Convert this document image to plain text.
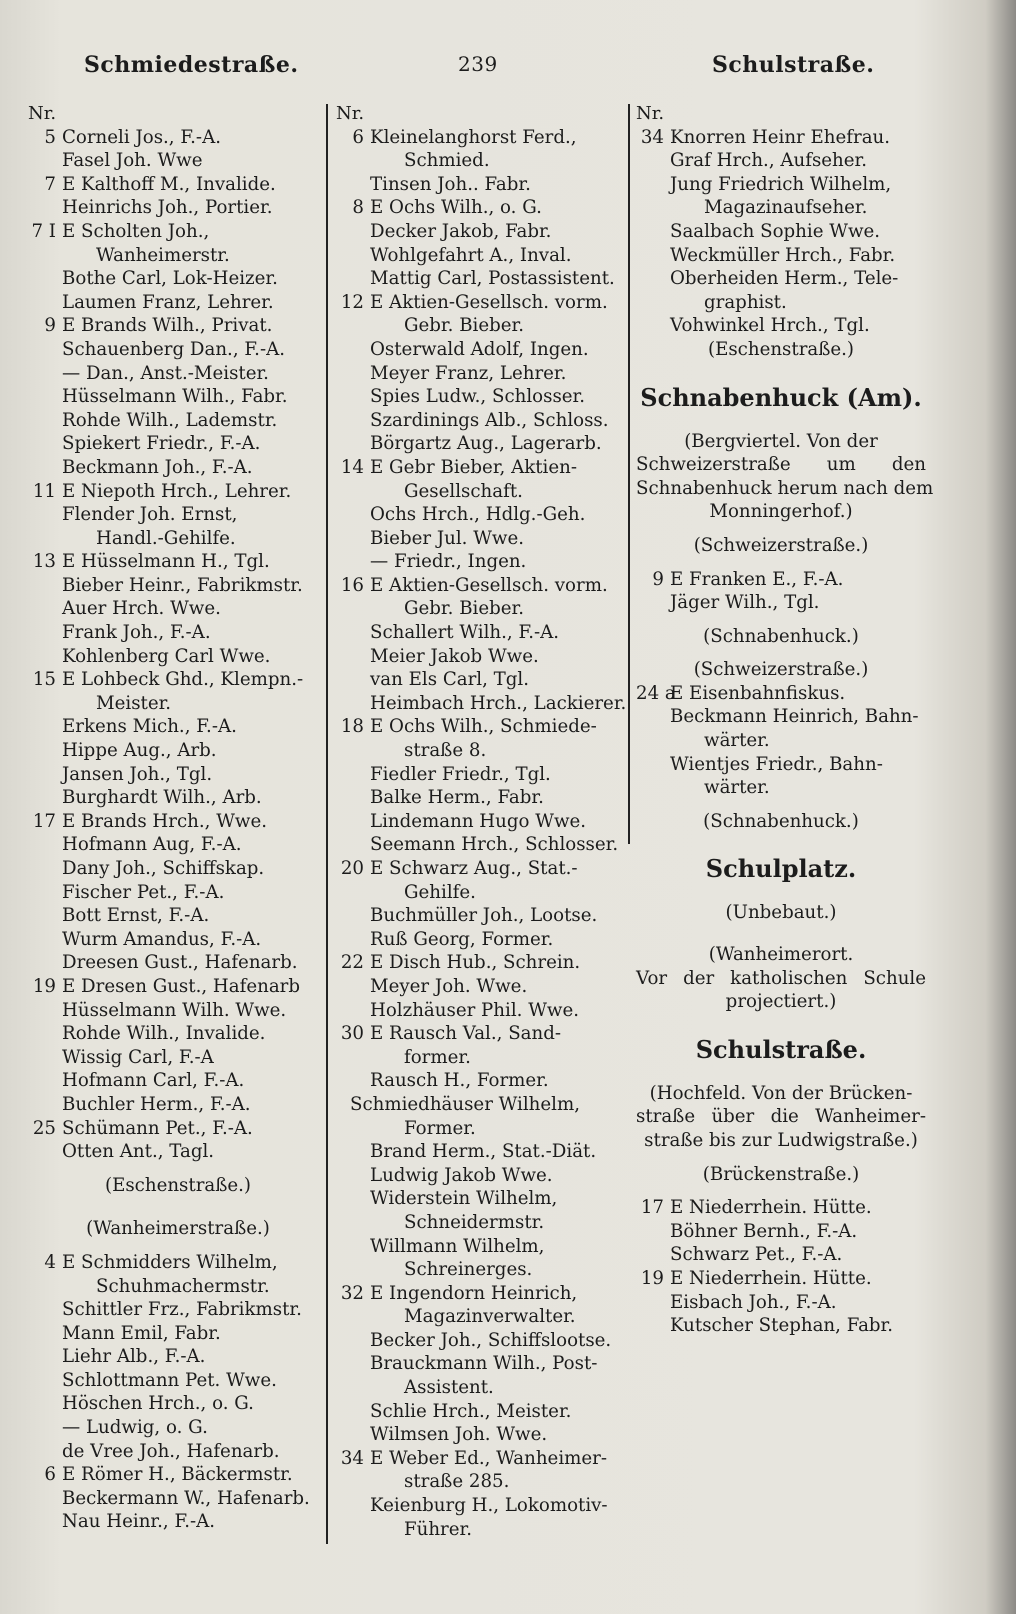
Schmiedestraße.	239	Schulstraße.
Nr.
5 Corneli Jos., F.-A.
Fasel Joh. Wwe
7 E Kalthoff M., Invalide.
Heinrichs Joh., Portier.
7 I E Scholten Joh.,
Wanheimerstr.
Bothe Carl, Lok-Heizer.
Laumen Franz, Lehrer.
9 E Brands Wilh., Privat.
Schauenberg Dan., F.-A.
— Dan., Anst.-Meister.
Hüsselmann Wilh., Fabr.
Rohde Wilh., Lademstr.
Spiekert Friedr., F.-A.
Beckmann Joh., F.-A.
11 E Niepoth Hrch., Lehrer.
Flender Joh. Ernst,
Handl.-Gehilfe.
13 E Hüsselmann H., Tgl.
Bieber Heinr., Fabrikmstr.
Auer Hrch. Wwe.
Frank Joh., F.-A.
Kohlenberg Carl Wwe.
15 E Lohbeck Ghd., Klempn.-
Meister.
Erkens Mich., F.-A.
Hippe Aug., Arb.
Jansen Joh., Tgl.
Burghardt Wilh., Arb.
17 E Brands Hrch., Wwe.
Hofmann Aug, F.-A.
Dany Joh., Schiffskap.
Fischer Pet., F.-A.
Bott Ernst, F.-A.
Wurm Amandus, F.-A.
Dreesen Gust., Hafenarb.
19 E Dresen Gust., Hafenarb
Hüsselmann Wilh. Wwe.
Rohde Wilh., Invalide.
Wissig Carl, F.-A
Hofmann Carl, F.-A.
Buchler Herm., F.-A.
25 Schümann Pet., F.-A.
Otten Ant., Tagl.
(Eschenstraße.)
(Wanheimerstraße.)
4 E Schmidders Wilhelm,
Schuhmachermstr.
Schittler Frz., Fabrikmstr.
Mann Emil, Fabr.
Liehr Alb., F.-A.
Schlottmann Pet. Wwe.
Höschen Hrch., o. G.
— Ludwig, o. G.
de Vree Joh., Hafenarb.
6 E Römer H., Bäckermstr.
Beckermann W., Hafenarb.
Nau Heinr., F.-A.
Nr.
6 Kleinelanghorst Ferd.,
Schmied.
Tinsen Joh.. Fabr.
8 E Ochs Wilh., o. G.
Decker Jakob, Fabr.
Wohlgefahrt A., Inval.
Mattig Carl, Postassistent.
12 E Aktien-Gesellsch. vorm.
Gebr. Bieber.
Osterwald Adolf, Ingen.
Meyer Franz, Lehrer.
Spies Ludw., Schlosser.
Szardinings Alb., Schloss.
Börgartz Aug., Lagerarb.
14 E Gebr Bieber, Aktien-
Gesellschaft.
Ochs Hrch., Hdlg.-Geh.
Bieber Jul. Wwe.
— Friedr., Ingen.
16 E Aktien-Gesellsch. vorm.
Gebr. Bieber.
Schallert Wilh., F.-A.
Meier Jakob Wwe.
van Els Carl, Tgl.
Heimbach Hrch., Lackierer.
18 E Ochs Wilh., Schmiede-
straße 8.
Fiedler Friedr., Tgl.
Balke Herm., Fabr.
Lindemann Hugo Wwe.
Seemann Hrch., Schlosser.
20 E Schwarz Aug., Stat.-
Gehilfe.
Buchmüller Joh., Lootse.
Ruß Georg, Former.
22 E Disch Hub., Schrein.
Meyer Joh. Wwe.
Holzhäuser Phil. Wwe.
30 E Rausch Val., Sand-
former.
Rausch H., Former.
Schmiedhäuser Wilhelm,
Former.
Brand Herm., Stat.-Diät.
Ludwig Jakob Wwe.
Widerstein Wilhelm,
Schneidermstr.
Willmann Wilhelm,
Schreinerges.
32 E Ingendorn Heinrich,
Magazinverwalter.
Becker Joh., Schiffslootse.
Brauckmann Wilh., Post-
Assistent.
Schlie Hrch., Meister.
Wilmsen Joh. Wwe.
34 E Weber Ed., Wanheimer-
straße 285.
Keienburg H., Lokomotiv-
Führer.
Nr.
34 Knorren Heinr Ehefrau.
Graf Hrch., Aufseher.
Jung Friedrich Wilhelm,
Magazinaufseher.
Saalbach Sophie Wwe.
Weckmüller Hrch., Fabr.
Oberheiden Herm., Tele-
graphist.
Vohwinkel Hrch., Tgl.
(Eschenstraße.)
Schnabenhuck (Am).
(Bergviertel. Von der
Schweizerstraße um den
Schnabenhuck herum nach dem
Monningerhof.)
(Schweizerstraße.)
9 E Franken E., F.-A.
Jäger Wilh., Tgl.
(Schnabenhuck.)
(Schweizerstraße.)
24 aE Eisenbahnfiskus.
Beckmann Heinrich, Bahn-
wärter.
Wientjes Friedr., Bahn-
wärter.
(Schnabenhuck.)
Schulplatz.
(Unbebaut.)
(Wanheimerort.
Vor der katholischen Schule
projectiert.)
Schulstraße.
(Hochfeld. Von der Brücken-
straße über die Wanheimer-
straße bis zur Ludwigstraße.)
(Brückenstraße.)
17 E Niederrhein. Hütte.
Böhner Bernh., F.-A.
Schwarz Pet., F.-A.
19 E Niederrhein. Hütte.
Eisbach Joh., F.-A.
Kutscher Stephan, Fabr.
